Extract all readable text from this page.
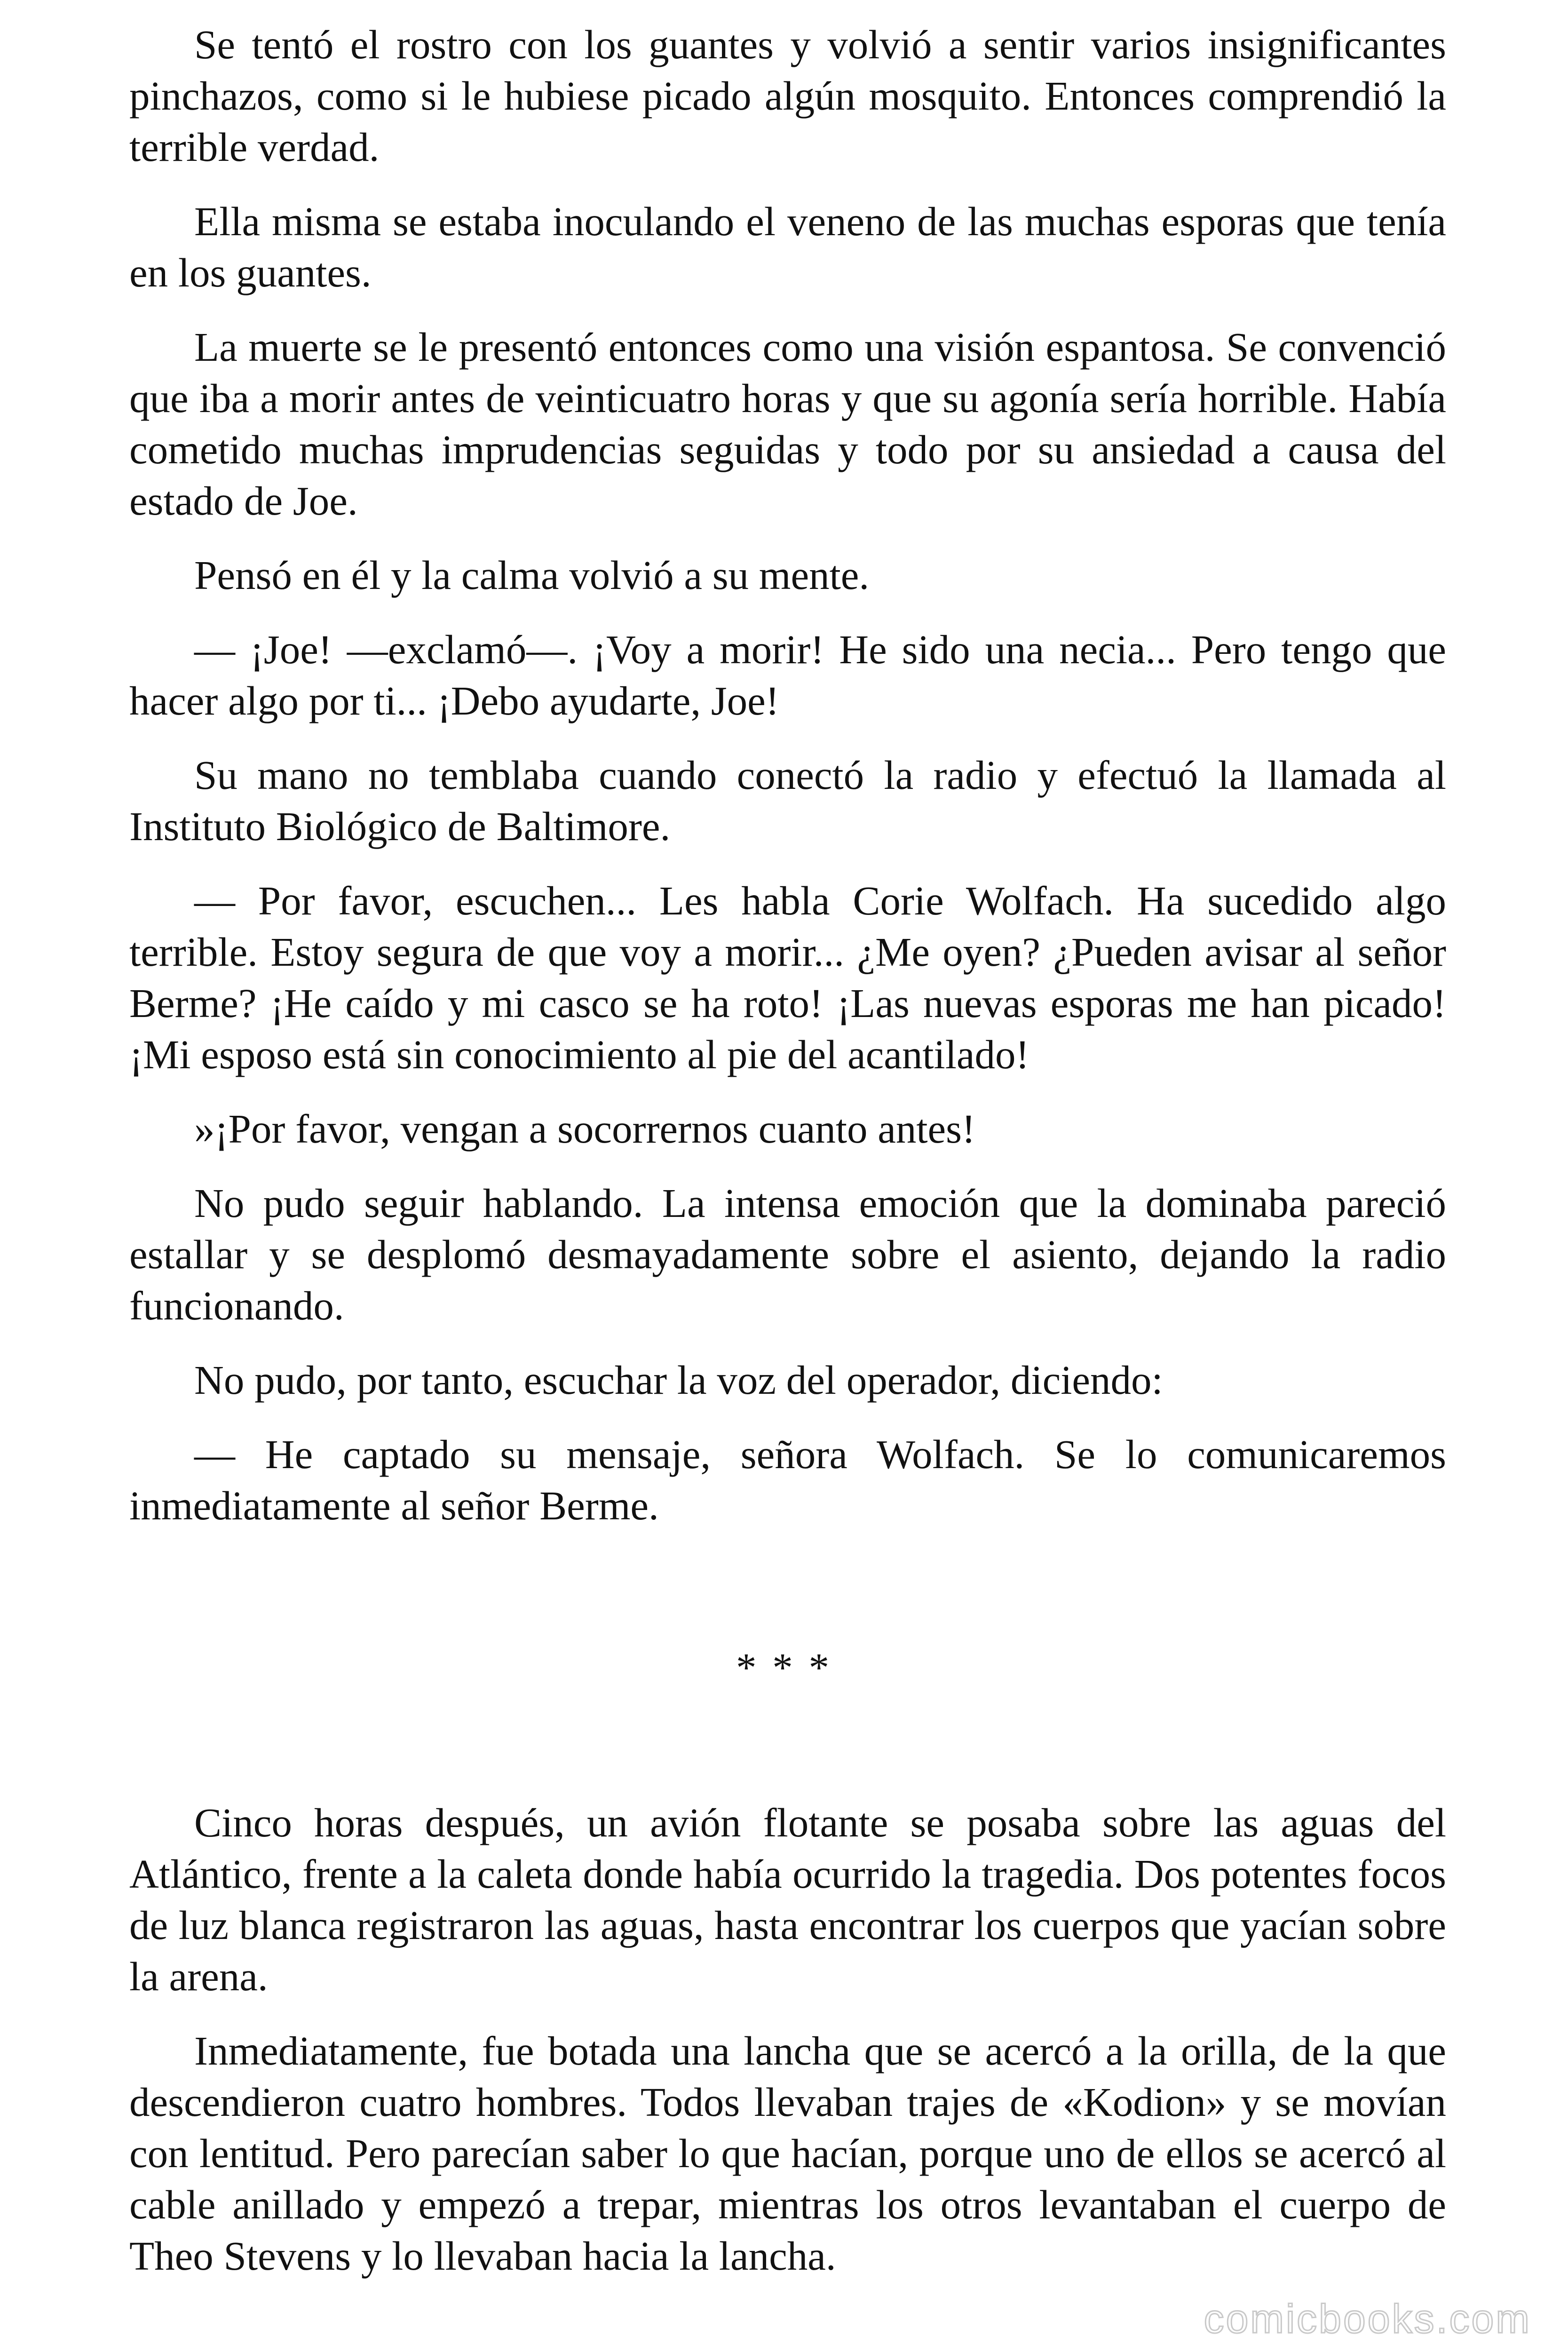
Se tentó el rostro con los guantes y volvió a sentir varios insignificantes pinchazos, como si le hubiese picado algún mosquito. Entonces comprendió la terrible verdad.

Ella misma se estaba inoculando el veneno de las muchas esporas que tenía en los guantes.

La muerte se le presentó entonces como una visión espantosa. Se convenció que iba a morir antes de veinticuatro horas y que su agonía sería horrible. Había cometido muchas imprudencias seguidas y todo por su ansiedad a causa del estado de Joe.

Pensó en él y la calma volvió a su mente.

— ¡Joe! —exclamó—. ¡Voy a morir! He sido una necia... Pero tengo que hacer algo por ti... ¡Debo ayudarte, Joe!

Su mano no temblaba cuando conectó la radio y efectuó la llamada al Instituto Biológico de Baltimore.

— Por favor, escuchen... Les habla Corie Wolfach. Ha sucedido algo terrible. Estoy segura de que voy a morir... ¿Me oyen? ¿Pueden avisar al señor Berme? ¡He caído y mi casco se ha roto! ¡Las nuevas esporas me han picado! ¡Mi esposo está sin conocimiento al pie del acantilado!

»¡Por favor, vengan a socorrernos cuanto antes!

No pudo seguir hablando. La intensa emoción que la dominaba pareció estallar y se desplomó desmayadamente sobre el asiento, dejando la radio funcionando.

No pudo, por tanto, escuchar la voz del operador, diciendo:

— He captado su mensaje, señora Wolfach. Se lo comunicaremos inmediatamente al señor Berme.

* * *

Cinco horas después, un avión flotante se posaba sobre las aguas del Atlántico, frente a la caleta donde había ocurrido la tragedia. Dos potentes focos de luz blanca registraron las aguas, hasta encontrar los cuerpos que yacían sobre la arena.

Inmediatamente, fue botada una lancha que se acercó a la orilla, de la que descendieron cuatro hombres. Todos llevaban trajes de «Kodion» y se movían con lentitud. Pero parecían saber lo que hacían, porque uno de ellos se acercó al cable anillado y empezó a trepar, mientras los otros levantaban el cuerpo de Theo Stevens y lo llevaban hacia la lancha.

comicbooks.com
